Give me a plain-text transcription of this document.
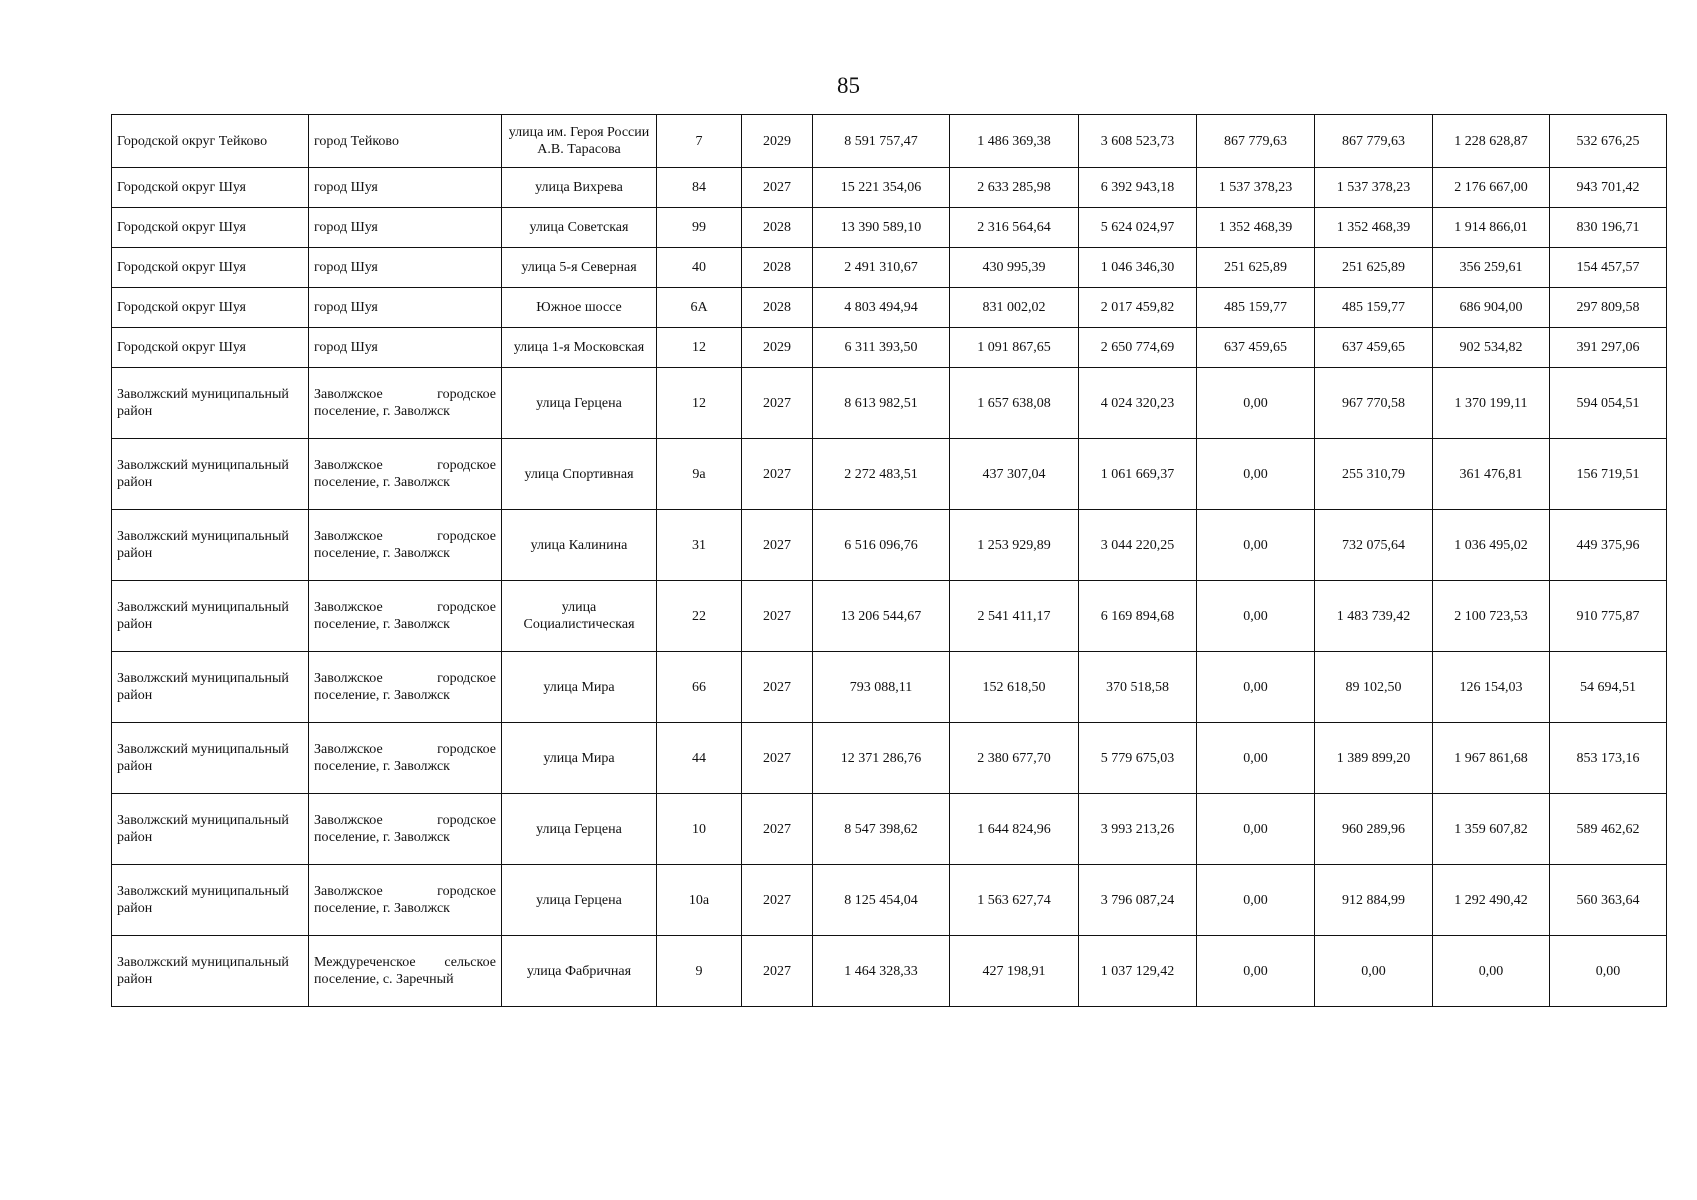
85
Городской округ Тейково	город Тейково	улица им. Героя России А.В. Тарасова	7	2029	8 591 757,47	1 486 369,38	3 608 523,73	867 779,63	867 779,63	1 228 628,87	532 676,25
Городской округ Шуя	город Шуя	улица Вихрева	84	2027	15 221 354,06	2 633 285,98	6 392 943,18	1 537 378,23	1 537 378,23	2 176 667,00	943 701,42
Городской округ Шуя	город Шуя	улица Советская	99	2028	13 390 589,10	2 316 564,64	5 624 024,97	1 352 468,39	1 352 468,39	1 914 866,01	830 196,71
Городской округ Шуя	город Шуя	улица 5-я Северная	40	2028	2 491 310,67	430 995,39	1 046 346,30	251 625,89	251 625,89	356 259,61	154 457,57
Городской округ Шуя	город Шуя	Южное шоссе	6А	2028	4 803 494,94	831 002,02	2 017 459,82	485 159,77	485 159,77	686 904,00	297 809,58
Городской округ Шуя	город Шуя	улица 1-я Московская	12	2029	6 311 393,50	1 091 867,65	2 650 774,69	637 459,65	637 459,65	902 534,82	391 297,06
Заволжский муниципальный район	Заволжское городское поселение, г. Заволжск	улица Герцена	12	2027	8 613 982,51	1 657 638,08	4 024 320,23	0,00	967 770,58	1 370 199,11	594 054,51
Заволжский муниципальный район	Заволжское городское поселение, г. Заволжск	улица Спортивная	9а	2027	2 272 483,51	437 307,04	1 061 669,37	0,00	255 310,79	361 476,81	156 719,51
Заволжский муниципальный район	Заволжское городское поселение, г. Заволжск	улица Калинина	31	2027	6 516 096,76	1 253 929,89	3 044 220,25	0,00	732 075,64	1 036 495,02	449 375,96
Заволжский муниципальный район	Заволжское городское поселение, г. Заволжск	улица Социалистическая	22	2027	13 206 544,67	2 541 411,17	6 169 894,68	0,00	1 483 739,42	2 100 723,53	910 775,87
Заволжский муниципальный район	Заволжское городское поселение, г. Заволжск	улица Мира	66	2027	793 088,11	152 618,50	370 518,58	0,00	89 102,50	126 154,03	54 694,51
Заволжский муниципальный район	Заволжское городское поселение, г. Заволжск	улица Мира	44	2027	12 371 286,76	2 380 677,70	5 779 675,03	0,00	1 389 899,20	1 967 861,68	853 173,16
Заволжский муниципальный район	Заволжское городское поселение, г. Заволжск	улица Герцена	10	2027	8 547 398,62	1 644 824,96	3 993 213,26	0,00	960 289,96	1 359 607,82	589 462,62
Заволжский муниципальный район	Заволжское городское поселение, г. Заволжск	улица Герцена	10а	2027	8 125 454,04	1 563 627,74	3 796 087,24	0,00	912 884,99	1 292 490,42	560 363,64
Заволжский муниципальный район	Междуреченское сельское поселение, с. Заречный	улица Фабричная	9	2027	1 464 328,33	427 198,91	1 037 129,42	0,00	0,00	0,00	0,00
